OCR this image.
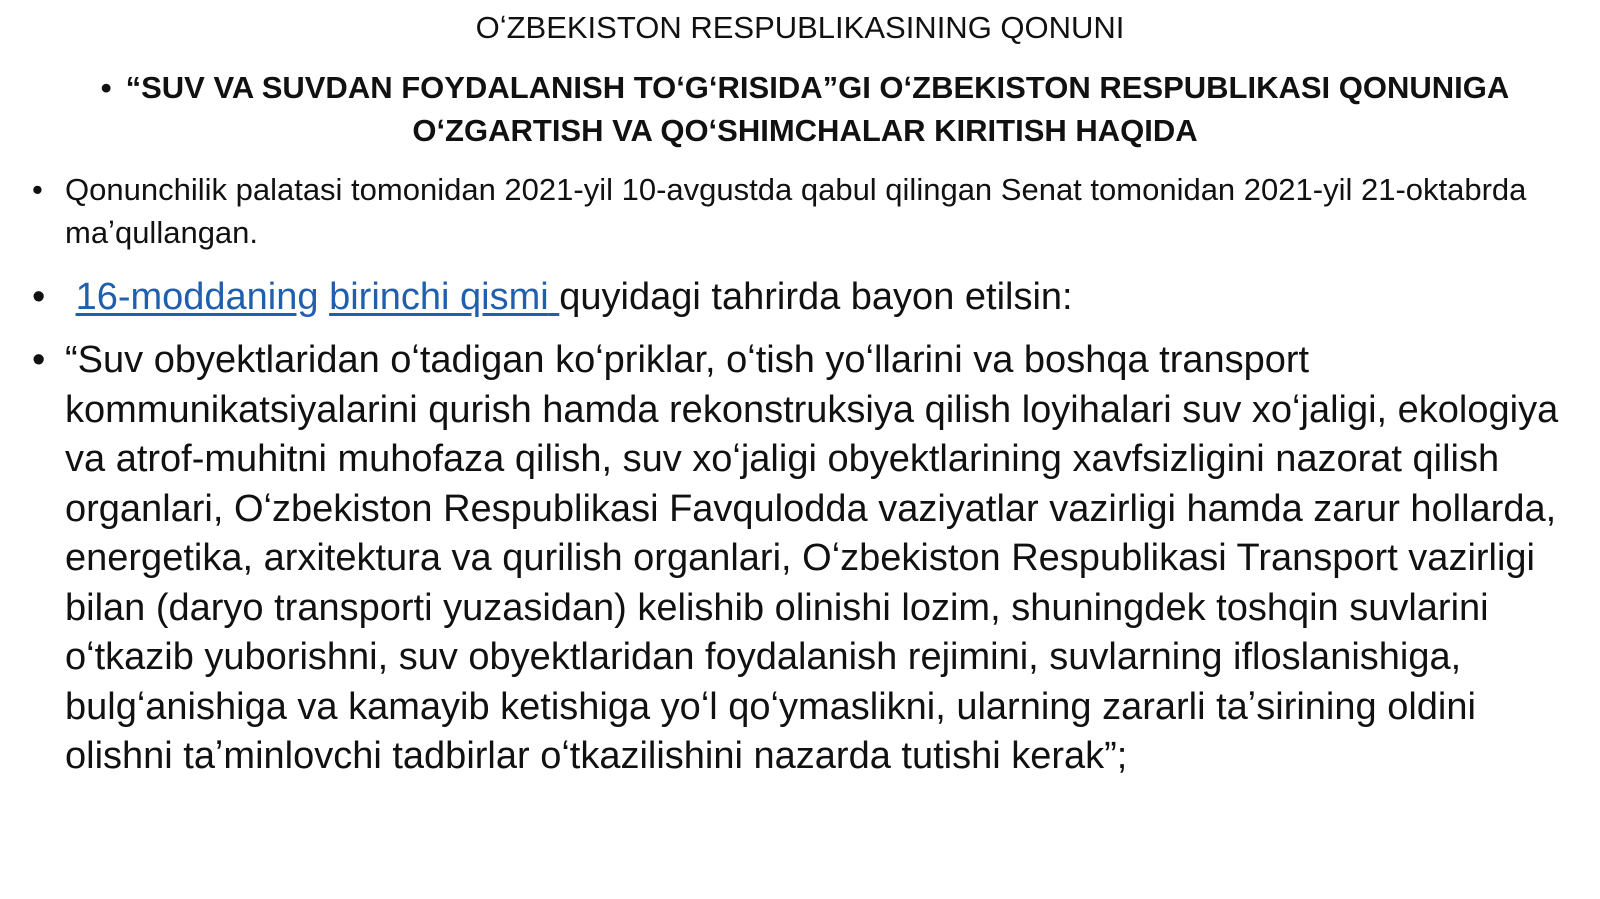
OʻZBEKISTON RESPUBLIKASINING QONUNI
• “SUV VA SUVDAN FOYDALANISH TOʻGʻRISIDA”GI OʻZBEKISTON RESPUBLIKASI QONUNIGA OʻZGARTISH VA QOʻSHIMCHALAR KIRITISH HAQIDA
• Qonunchilik palatasi tomonidan 2021-yil 10-avgustda qabul qilingan Senat tomonidan 2021-yil 21-oktabrda maʼqullangan.
• 16-moddaning birinchi qismi quyidagi tahrirda bayon etilsin:
• “Suv obyektlaridan oʻtadigan koʻpriklar, oʻtish yoʻllarini va boshqa transport kommunikatsiyalarini qurish hamda rekonstruksiya qilish loyihalari suv xoʻjaligi, ekologiya va atrof-muhitni muhofaza qilish, suv xoʻjaligi obyektlarining xavfsizligini nazorat qilish organlari, Oʻzbekiston Respublikasi Favqulodda vaziyatlar vazirligi hamda zarur hollarda, energetika, arxitektura va qurilish organlari, Oʻzbekiston Respublikasi Transport vazirligi bilan (daryo transporti yuzasidan) kelishib olinishi lozim, shuningdek toshqin suvlarini oʻtkazib yuborishni, suv obyektlaridan foydalanish rejimini, suvlarning ifloslanishiga, bulgʻanishiga va kamayib ketishiga yoʻl qoʻymaslikni, ularning zararli taʼsirining oldini olishni taʼminlovchi tadbirlar oʻtkazilishini nazarda tutishi kerak”;
